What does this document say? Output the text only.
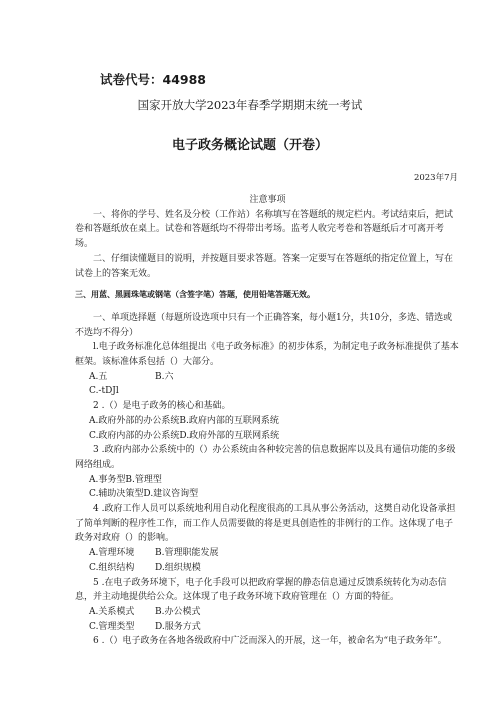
试卷代号：44988
国家开放大学2023年春季学期期末统一考试
电子政务概论试题（开卷）
2023年7月

注意事项

一、将你的学号、姓名及分校（工作站）名称填写在答题纸的规定栏内。考试结束后，把试卷和答题纸放在桌上。试卷和答题纸均不得带出考场。监考人收完考卷和答题纸后才可离开考场。

二、仔细读懂题目的说明，并按题目要求答题。答案一定要写在答题纸的指定位置上，写在试卷上的答案无效。

三、用蓝、黑圆珠笔或钢笔（含签字笔）答题，使用铅笔答题无效。

一、单项选择题（每题所设选项中只有一个正确答案，每小题1分，共10分，多选、错选或不选均不得分）

l.电子政务标准化总体组提出《电子政务标准》的初步体系，为制定电子政务标准提供了基本框架。该标准体系包括（）大部分。

A.五	B.六

C.-tDJl

2 .（）是电子政务的核心和基础。

A.政府外部的办公系统B.政府内部的互联网系统

C.政府内部的办公系统D.政府外部的互联网系统

3 .政府内部办公系统中的（）办公系统由各种较完善的信息数据库以及具有通信功能的多级网络组成。

A.事务型B.管理型

C.辅助决策型D.建议咨询型

4 .政府工作人员可以系统地利用自动化程度很高的工具从事公务活动，这樊自动化设备承担了简单判断的程序性工作，而工作人员需要做的将是更具创造性的非例行的工作。这体现了电子政务对政府（）的影响。

A.管理环境 B.管理职能发展

C.组织结构 D.组织规模

5 .在电子政务环境下，电子化手段可以把政府掌握的静态信息通过反馈系统转化为动态信息，并主动地提供给公众。这体现了电子政务环境下政府管理在（）方面的特征。

A.关系模式 B.办公模式

C.管理类型 D.服务方式

6 .（）电子政务在各地各级政府中广泛而深入的开展，这一年，被命名为“电子政务年”。
